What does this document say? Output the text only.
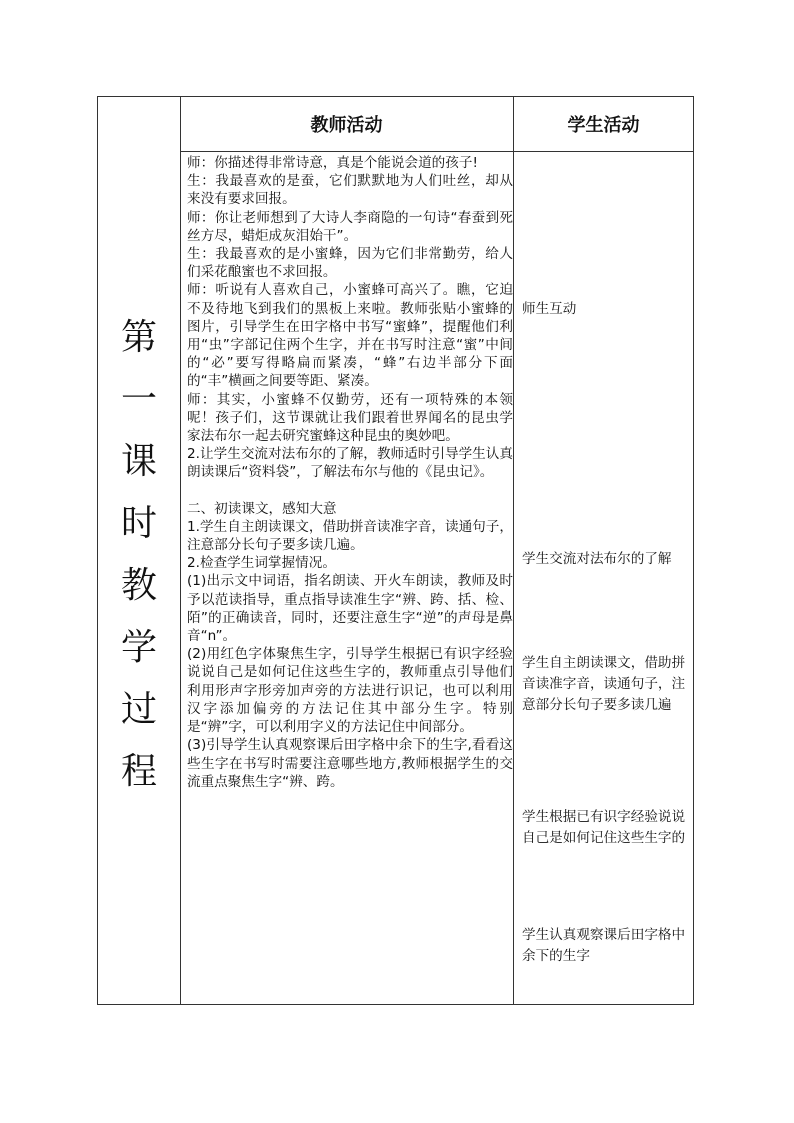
教师活动	学生活动
第
一
课
时
教
学
过
程

师：你描述得非常诗意，真是个能说会道的孩子!

生：我最喜欢的是蚕，它们默默地为人们吐丝，却从来没有要求回报。

师：你让老师想到了大诗人李商隐的一句诗“春蚕到死丝方尽，蜡炬成灰泪始干”。

生：我最喜欢的是小蜜蜂，因为它们非常勤劳，给人们采花酿蜜也不求回报。

师：听说有人喜欢自己，小蜜蜂可高兴了。瞧，它迫不及待地飞到我们的黑板上来啦。教师张贴小蜜蜂的图片，引导学生在田字格中书写“蜜蜂”，提醒他们利用“虫”字部记住两个生字，并在书写时注意“蜜”中间的“必”要写得略扁而紧凑，“蜂”右边半部分下面的“丰”横画之间要等距、紧凑。

师：其实，小蜜蜂不仅勤劳，还有一项特殊的本领呢！孩子们，这节课就让我们跟着世界闻名的昆虫学家法布尔一起去研究蜜蜂这种昆虫的奥妙吧。

2.让学生交流对法布尔的了解，教师适时引导学生认真朗读课后“资料袋”，了解法布尔与他的《昆虫记》。

二、初读课文，感知大意

1.学生自主朗读课文，借助拼音读准字音，读通句子，注意部分长句子要多读几遍。

2.检查学生词掌握情况。

(1)出示文中词语，指名朗读、开火车朗读，教师及时予以范读指导，重点指导读准生字“辨、跨、括、检、陌”的正确读音，同时，还要注意生字“逆”的声母是鼻音“n”。

(2)用红色字体聚焦生字，引导学生根据已有识字经验说说自己是如何记住这些生字的，教师重点引导他们利用形声字形旁加声旁的方法进行识记，也可以利用汉字添加偏旁的方法记住其中部分生字。特别是“辨”字，可以利用字义的方法记住中间部分。

(3)引导学生认真观察课后田字格中余下的生字,看看这些生字在书写时需要注意哪些地方,教师根据学生的交流重点聚焦生字“辨、跨。

师生互动

学生交流对法布尔的了解

学生自主朗读课文，借助拼音读准字音，读通句子，注意部分长句子要多读几遍

学生根据已有识字经验说说自己是如何记住这些生字的

学生认真观察课后田字格中余下的生字
